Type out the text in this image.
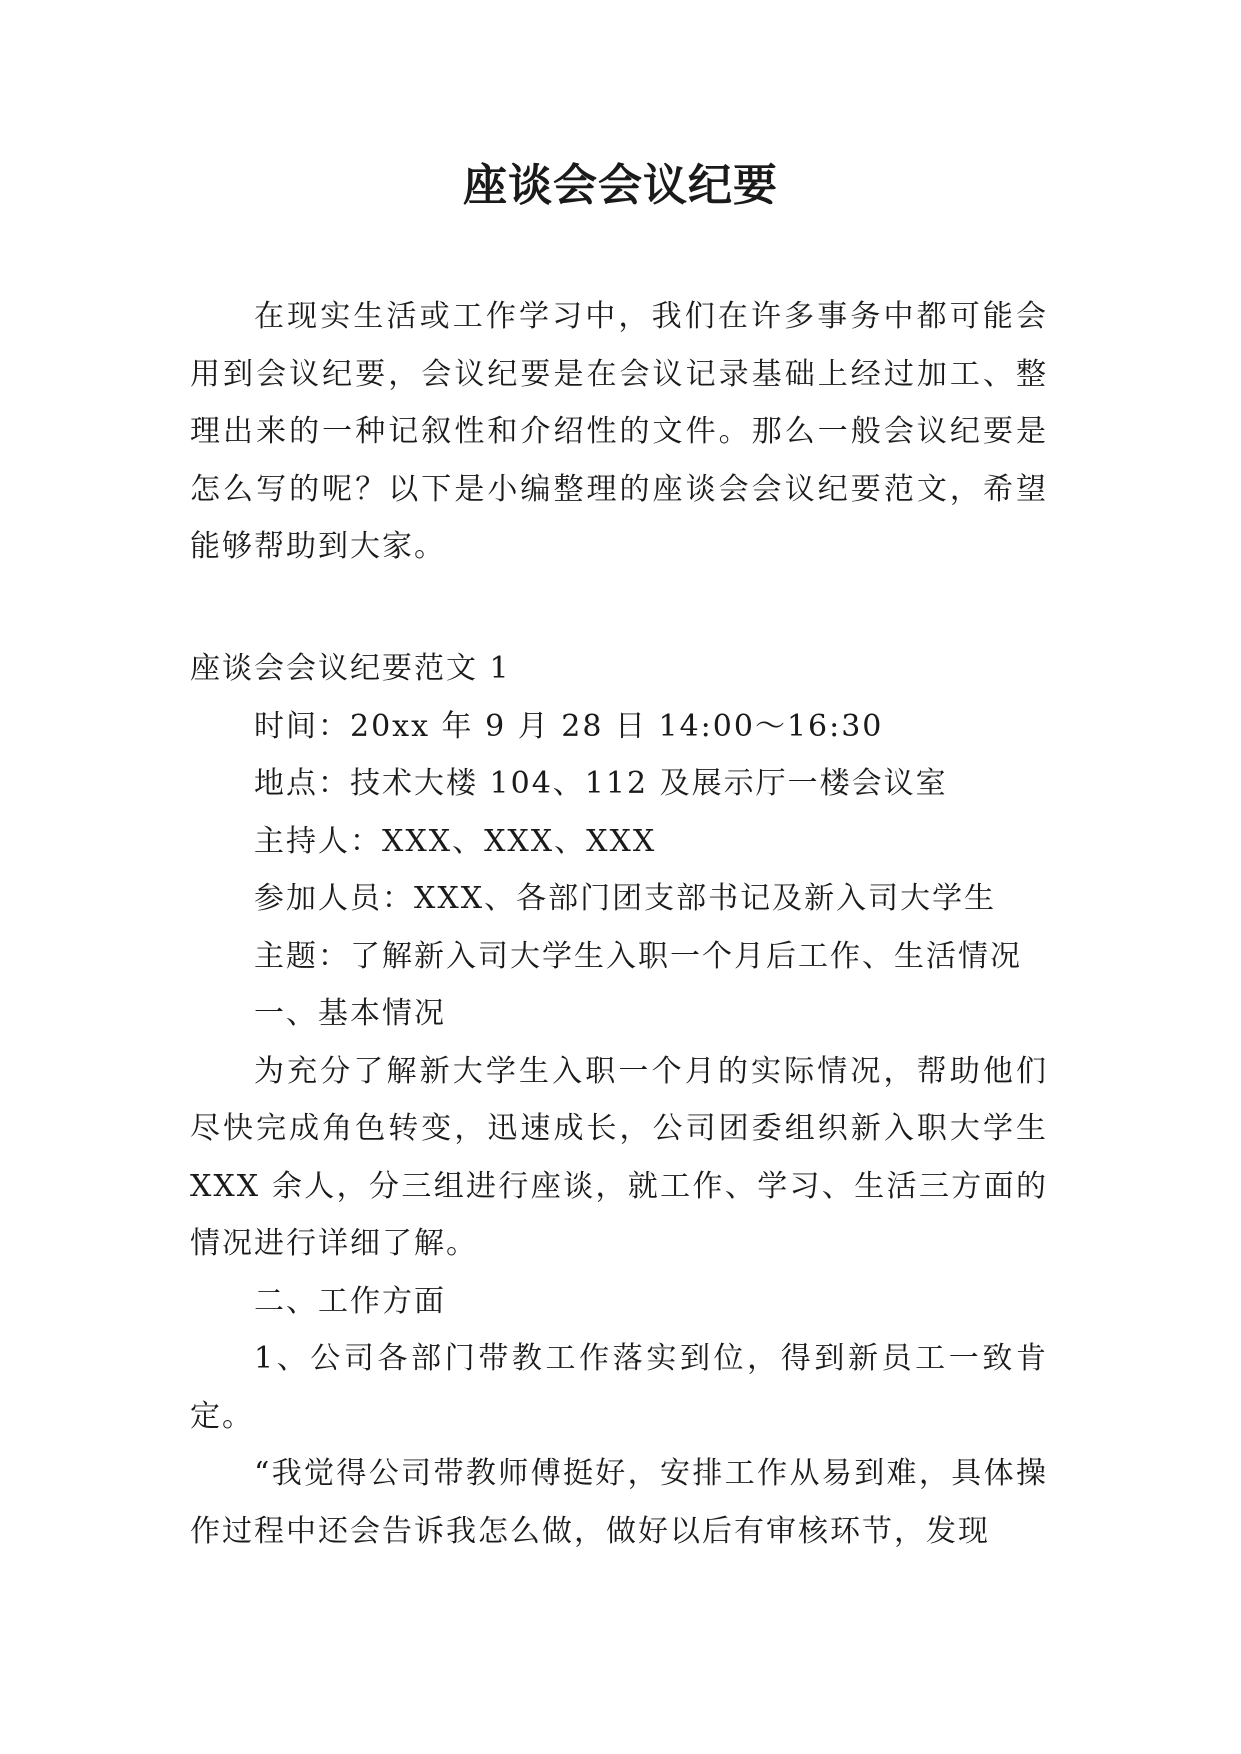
座谈会会议纪要

在现实生活或工作学习中，我们在许多事务中都可能会用到会议纪要，会议纪要是在会议记录基础上经过加工、整理出来的一种记叙性和介绍性的文件。那么一般会议纪要是怎么写的呢？以下是小编整理的座谈会会议纪要范文，希望能够帮助到大家。

座谈会会议纪要范文 1

时间：20xx 年 9 月 28 日 14:00～16:30

地点：技术大楼 104、112 及展示厅一楼会议室

主持人：XXX、XXX、XXX

参加人员：XXX、各部门团支部书记及新入司大学生

主题：了解新入司大学生入职一个月后工作、生活情况

一、基本情况

为充分了解新大学生入职一个月的实际情况，帮助他们尽快完成角色转变，迅速成长，公司团委组织新入职大学生 XXX 余人，分三组进行座谈，就工作、学习、生活三方面的情况进行详细了解。

二、工作方面

1、公司各部门带教工作落实到位，得到新员工一致肯定。

“我觉得公司带教师傅挺好，安排工作从易到难，具体操作过程中还会告诉我怎么做，做好以后有审核环节，发现
